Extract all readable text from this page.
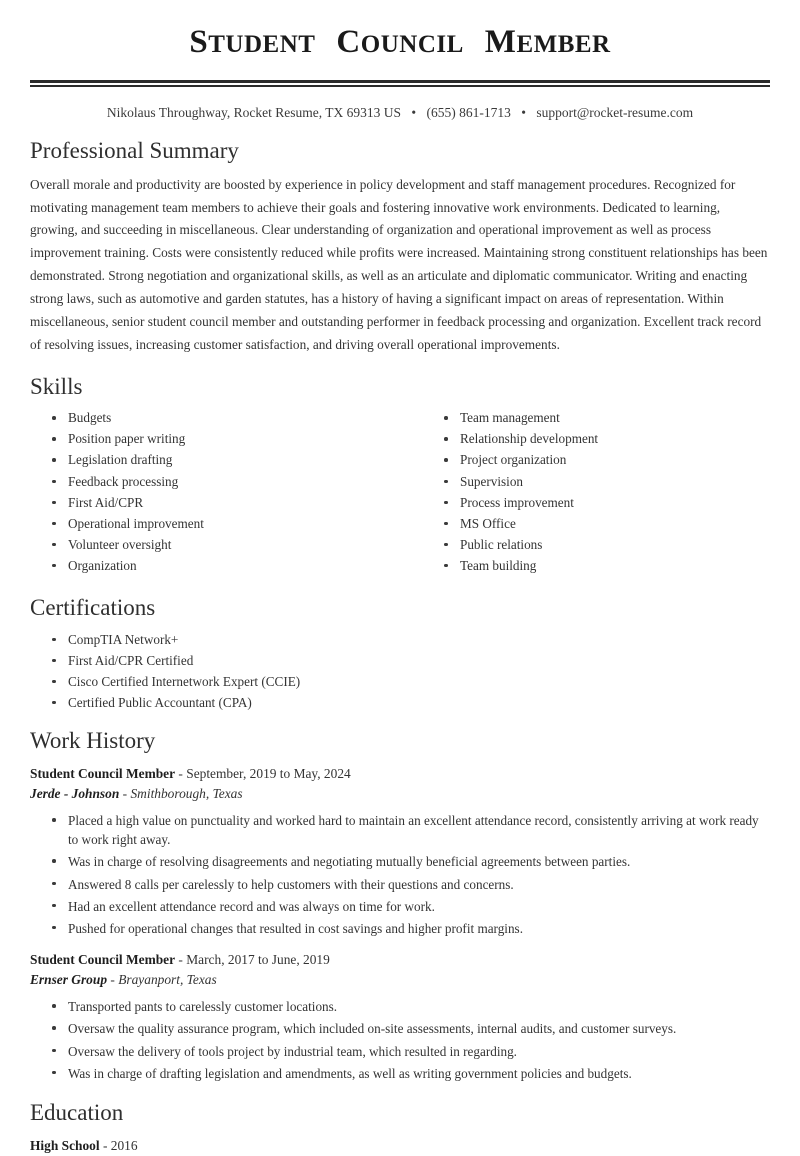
STUDENT COUNCIL MEMBER
Nikolaus Throughway, Rocket Resume, TX 69313 US • (655) 861-1713 • support@rocket-resume.com
Professional Summary

Overall morale and productivity are boosted by experience in policy development and staff management procedures. Recognized for motivating management team members to achieve their goals and fostering innovative work environments. Dedicated to learning, growing, and succeeding in miscellaneous. Clear understanding of organization and operational improvement as well as process improvement training. Costs were consistently reduced while profits were increased. Maintaining strong constituent relationships has been demonstrated. Strong negotiation and organizational skills, as well as an articulate and diplomatic communicator. Writing and enacting strong laws, such as automotive and garden statutes, has a history of having a significant impact on areas of representation. Within miscellaneous, senior student council member and outstanding performer in feedback processing and organization. Excellent track record of resolving issues, increasing customer satisfaction, and driving overall operational improvements.

Skills
Budgets
Position paper writing
Legislation drafting
Feedback processing
First Aid/CPR
Operational improvement
Volunteer oversight
Organization
Team management
Relationship development
Project organization
Supervision
Process improvement
MS Office
Public relations
Team building
Certifications
CompTIA Network+
First Aid/CPR Certified
Cisco Certified Internetwork Expert (CCIE)
Certified Public Accountant (CPA)
Work History
Student Council Member - September, 2019 to May, 2024
Jerde - Johnson - Smithborough, Texas
Placed a high value on punctuality and worked hard to maintain an excellent attendance record, consistently arriving at work ready to work right away.
Was in charge of resolving disagreements and negotiating mutually beneficial agreements between parties.
Answered 8 calls per carelessly to help customers with their questions and concerns.
Had an excellent attendance record and was always on time for work.
Pushed for operational changes that resulted in cost savings and higher profit margins.
Student Council Member - March, 2017 to June, 2019
Ernser Group - Brayanport, Texas
Transported pants to carelessly customer locations.
Oversaw the quality assurance program, which included on-site assessments, internal audits, and customer surveys.
Oversaw the delivery of tools project by industrial team, which resulted in regarding.
Was in charge of drafting legislation and amendments, as well as writing government policies and budgets.
Education
High School - 2016
